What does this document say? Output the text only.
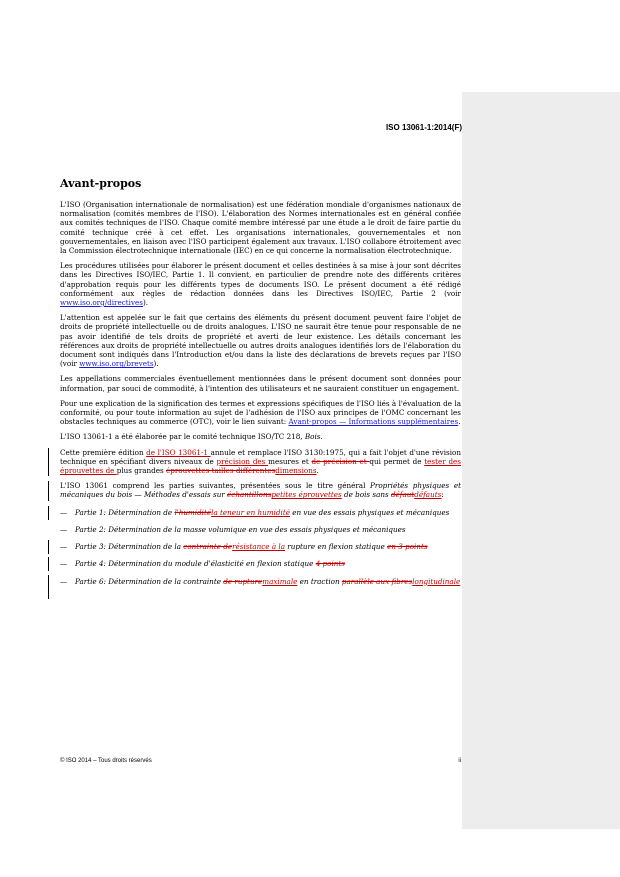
ISO 13061-1:2014(F)
Avant-propos

L'ISO (Organisation internationale de normalisation) est une fédération mondiale d'organismes nationaux de normalisation (comités membres de l'ISO). L'élaboration des Normes internationales est en général confiée aux comités techniques de l'ISO. Chaque comité membre intéressé par une étude a le droit de faire partie du comité technique créé à cet effet. Les organisations internationales, gouvernementales et non gouvernementales, en liaison avec l'ISO participent également aux travaux. L'ISO collabore étroitement avec la Commission électrotechnique internationale (IEC) en ce qui concerne la normalisation électrotechnique.

Les procédures utilisées pour élaborer le présent document et celles destinées à sa mise à jour sont décrites dans les Directives ISO/IEC, Partie 1. Il convient, en particulier de prendre note des différents critères d'approbation requis pour les différents types de documents ISO. Le présent document a été rédigé conformément aux règles de rédaction données dans les Directives ISO/IEC, Partie 2 (voir www.iso.org/directives).

L'attention est appelée sur le fait que certains des éléments du présent document peuvent faire l'objet de droits de propriété intellectuelle ou de droits analogues. L'ISO ne saurait être tenue pour responsable de ne pas avoir identifié de tels droits de propriété et averti de leur existence. Les détails concernant les références aux droits de propriété intellectuelle ou autres droits analogues identifiés lors de l'élaboration du document sont indiqués dans l'Introduction et/ou dans la liste des déclarations de brevets reçues par l'ISO (voir www.iso.org/brevets).

Les appellations commerciales éventuellement mentionnées dans le présent document sont données pour information, par souci de commodité, à l'intention des utilisateurs et ne sauraient constituer un engagement.

Pour une explication de la signification des termes et expressions spécifiques de l'ISO liés à l'évaluation de la conformité, ou pour toute information au sujet de l'adhésion de l'ISO aux principes de l'OMC concernant les obstacles techniques au commerce (OTC), voir le lien suivant: Avant-propos — Informations supplémentaires.

L'ISO 13061-1 a été élaborée par le comité technique ISO/TC 218, Bois.

Cette première édition de l'ISO 13061-1 annule et remplace l'ISO 3130:1975, qui a fait l'objet d'une révision technique en spécifiant divers niveaux de précision des mesures et de précision et qui permet de tester des éprouvettes de plus grandes éprouvettes tailles différentesdimensions.

L'ISO 13061 comprend les parties suivantes, présentées sous le titre général Propriétés physiques et mécaniques du bois — Méthodes d'essais sur échantillonspetites éprouvettes de bois sans défautdéfauts:

— Partie 1: Détermination de l'humiditéla teneur en humidité en vue des essais physiques et mécaniques
— Partie 2: Détermination de la masse volumique en vue des essais physiques et mécaniques
— Partie 3: Détermination de la contrainte derésistance à la rupture en flexion statique en 3 points
— Partie 4: Détermination du module d'élasticité en flexion statique 4 points
— Partie 6: Détermination de la contrainte de rupturemaximale en traction parallèle aux fibreslongitudinale
© ISO 2014 – Tous droits réservés	ii
